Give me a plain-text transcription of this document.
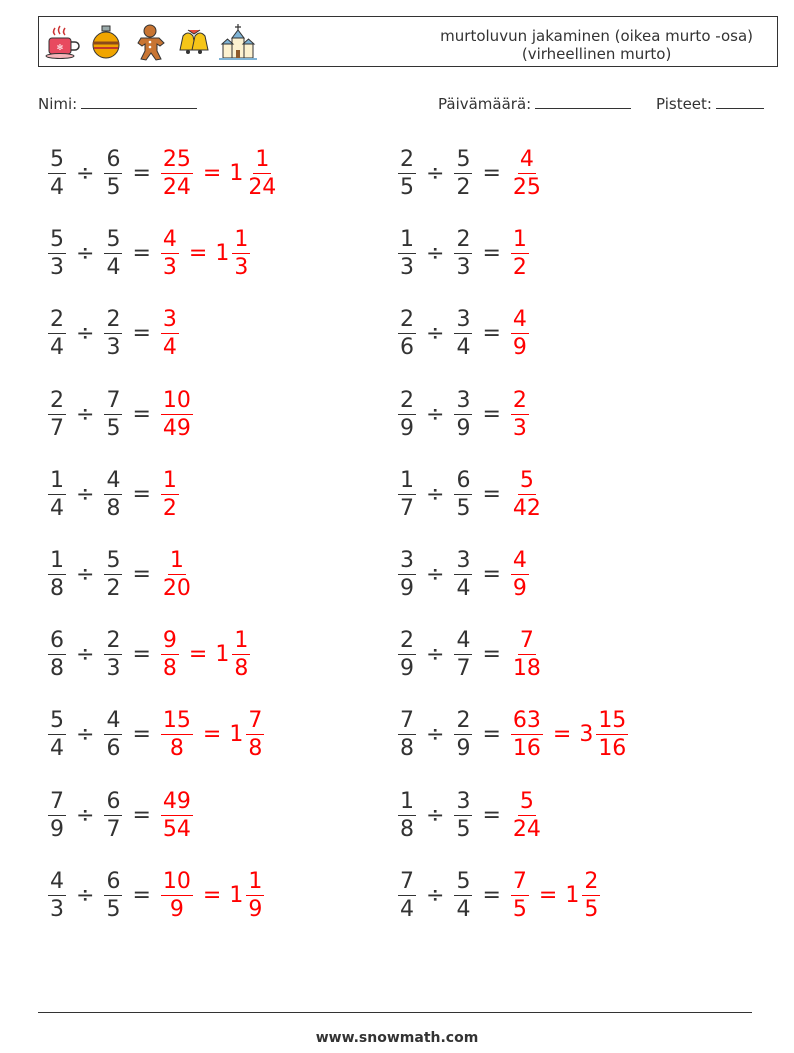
✻
murtoluvun jakaminen (oikea murto -osa)
(virheellinen murto)
Nimi:	Päivämäärä:	Pisteet:
$\frac{5}{4} \div \frac{6}{5} = \frac{25}{24} = 1 \frac{1}{24}$	$\frac{2}{5} \div \frac{5}{2} = \frac{4}{25}$
$\frac{5}{3} \div \frac{5}{4} = \frac{4}{3} = 1 \frac{1}{3}$	$\frac{1}{3} \div \frac{2}{3} = \frac{1}{2}$
$\frac{2}{4} \div \frac{2}{3} = \frac{3}{4}$	$\frac{2}{6} \div \frac{3}{4} = \frac{4}{9}$
$\frac{2}{7} \div \frac{7}{5} = \frac{10}{49}$	$\frac{2}{9} \div \frac{3}{9} = \frac{2}{3}$
$\frac{1}{4} \div \frac{4}{8} = \frac{1}{2}$	$\frac{1}{7} \div \frac{6}{5} = \frac{5}{42}$
$\frac{1}{8} \div \frac{5}{2} = \frac{1}{20}$	$\frac{3}{9} \div \frac{3}{4} = \frac{4}{9}$
$\frac{6}{8} \div \frac{2}{3} = \frac{9}{8} = 1 \frac{1}{8}$	$\frac{2}{9} \div \frac{4}{7} = \frac{7}{18}$
$\frac{5}{4} \div \frac{4}{6} = \frac{15}{8} = 1 \frac{7}{8}$	$\frac{7}{8} \div \frac{2}{9} = \frac{63}{16} = 3 \frac{15}{16}$
$\frac{7}{9} \div \frac{6}{7} = \frac{49}{54}$	$\frac{1}{8} \div \frac{3}{5} = \frac{5}{24}$
$\frac{4}{3} \div \frac{6}{5} = \frac{10}{9} = 1 \frac{1}{9}$	$\frac{7}{4} \div \frac{5}{4} = \frac{7}{5} = 1 \frac{2}{5}$
www.snowmath.com
